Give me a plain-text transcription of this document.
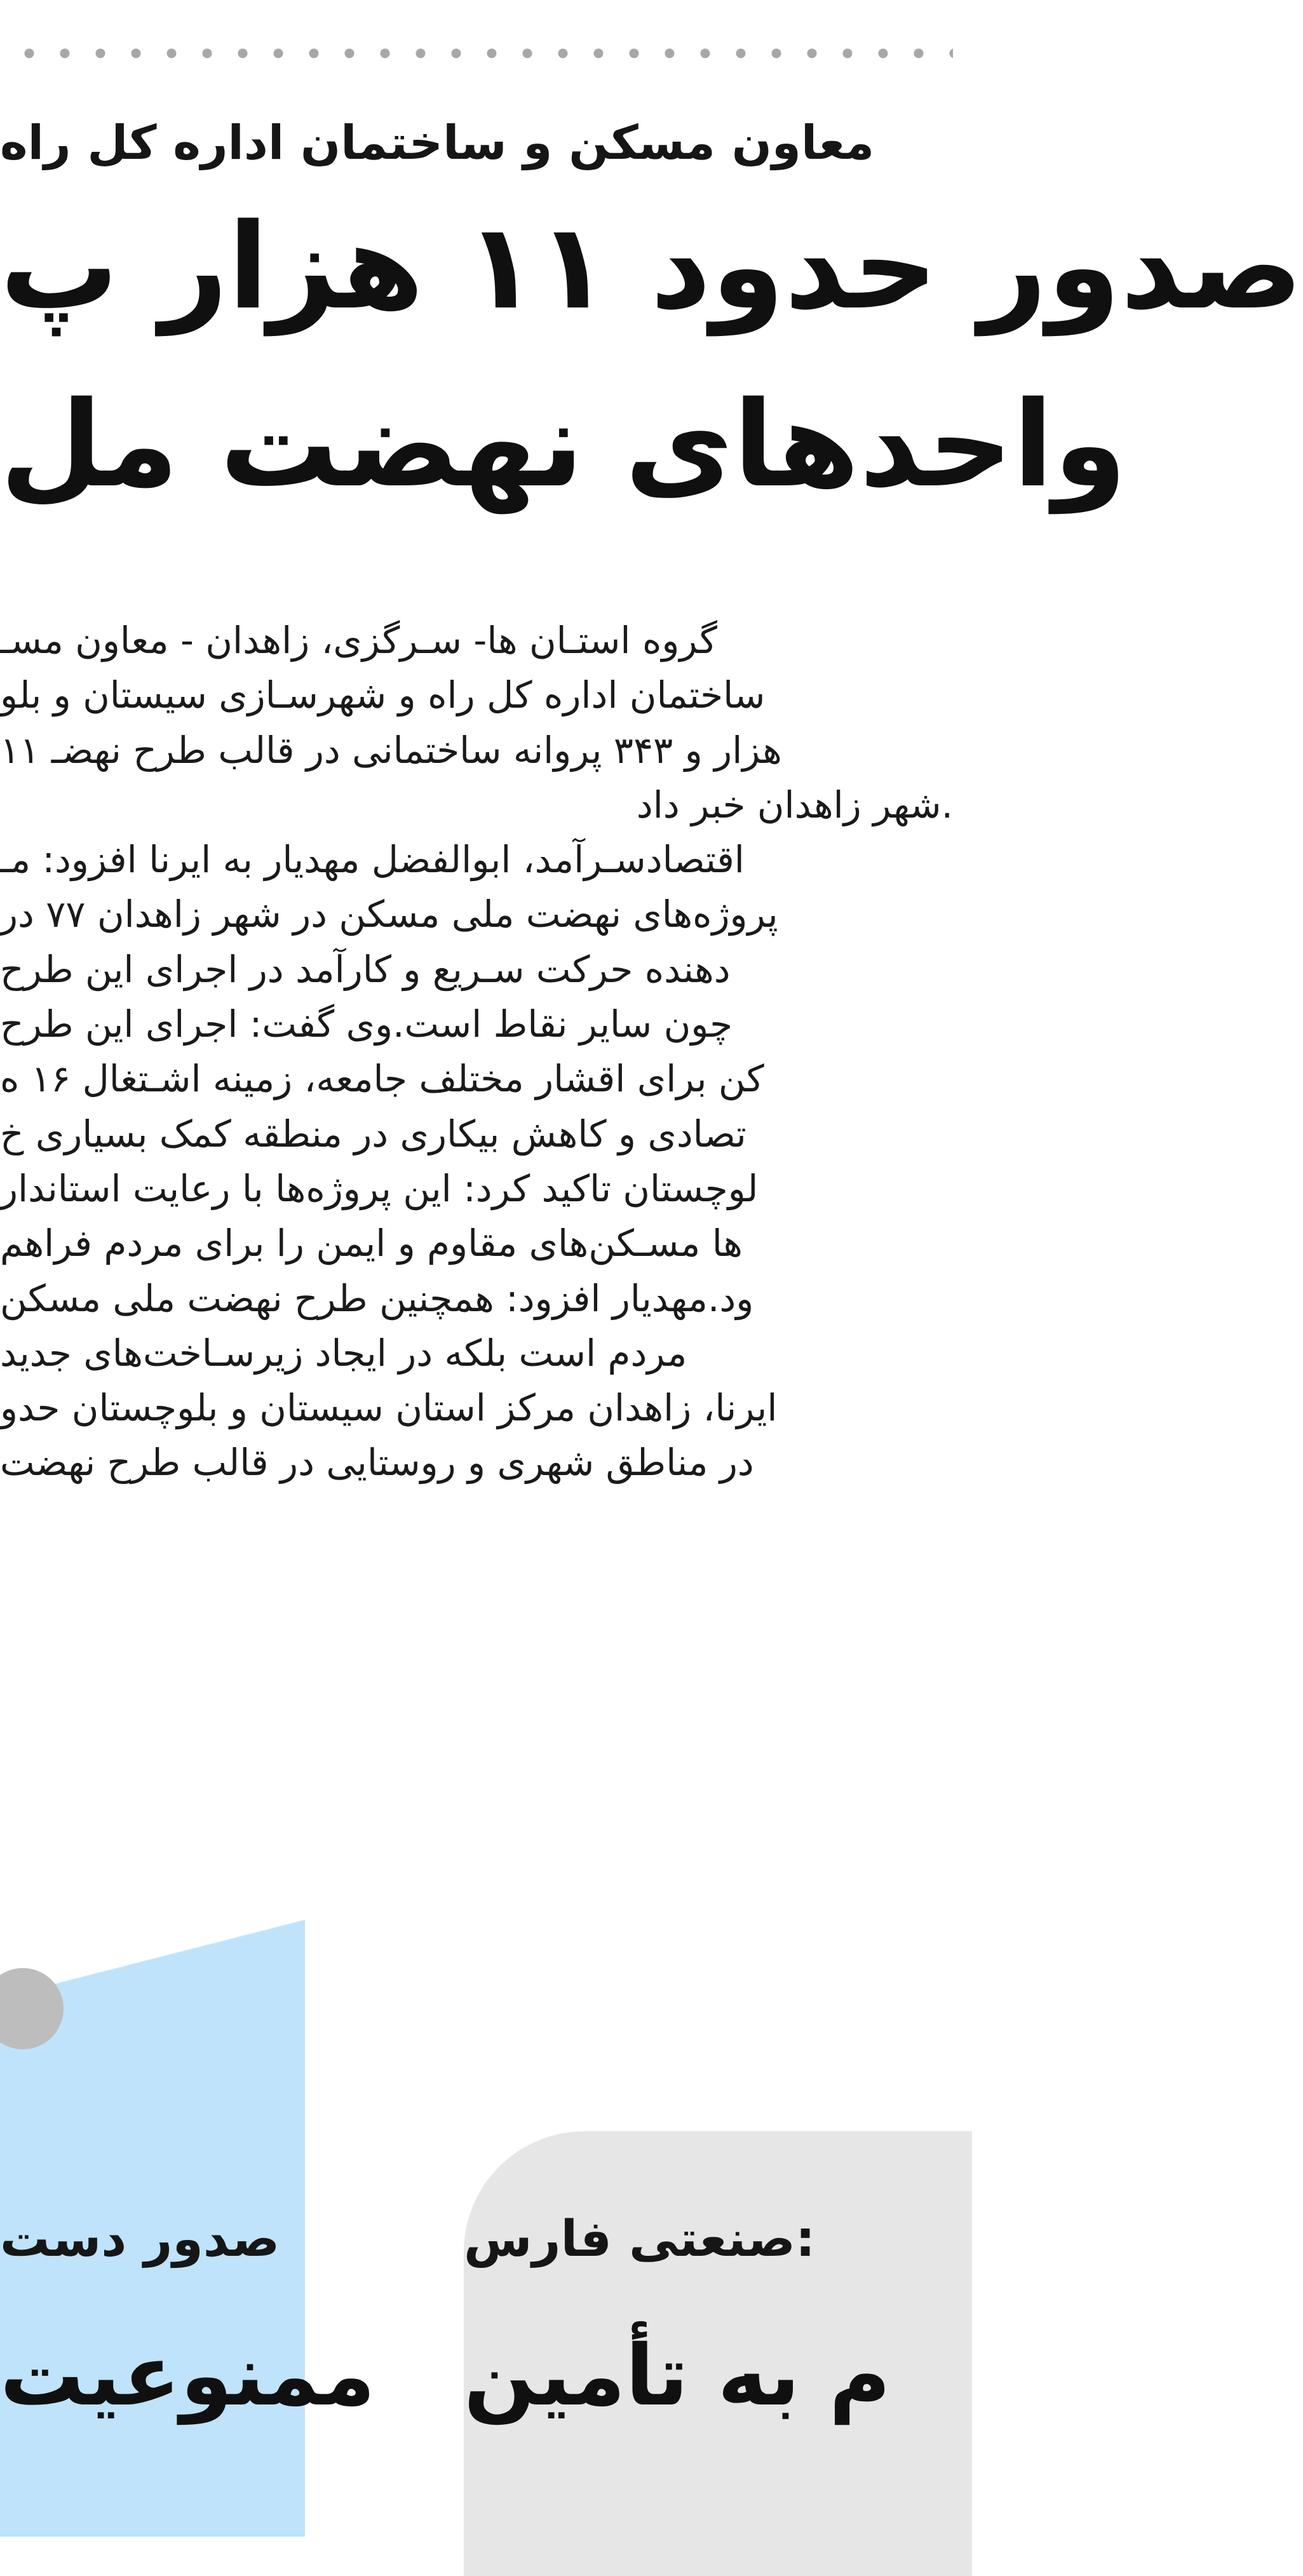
معاون مسکن و ساختمان اداره کل راه
صدور حدود ۱۱ هزار پ
واحدهای نهضت مل
گروه استـان ها- سـرگزی، زاهدان - معاون مسـ
ساختمان اداره کل راه و شهرسـازی سیستان و بلو
۱۱ هزار و ۳۴۳ پروانه ساختمانی در قالب طرح نهضـ
شهر زاهدان خبر داد.
اقتصادسـرآمد، ابوالفضل مهدیار به ایرنا افزود: مـ
پروژه‌های نهضت ملی مسکن در شهر زاهدان ۷۷ در
دهنده حرکت سـریع و کارآمد در اجرای این طرح
چون سایر نقاط است.وی گفت: اجرای این طرح
کن برای اقشار مختلف جامعه، زمینه اشـتغال ۱۶ ه
تصادی و کاهش بیکاری در منطقه کمک بسیاری خ
لوچستان تاکید کرد: این پروژه‌ها با رعایت استاندار
ها مسـکن‌های مقاوم و ایمن را برای مردم فراهم
ود.مهدیار افزود: همچنین طرح نهضت ملی مسکن
مردم است بلکه در ایجاد زیرسـاخت‌های جدید
ایرنا، زاهدان مرکز استان سیستان و بلوچستان حدو
در مناطق شهری و روستایی در قالب طرح نهضت
صدور دست
ممنوعیت
صنعتی فارس:
م به تأمین
